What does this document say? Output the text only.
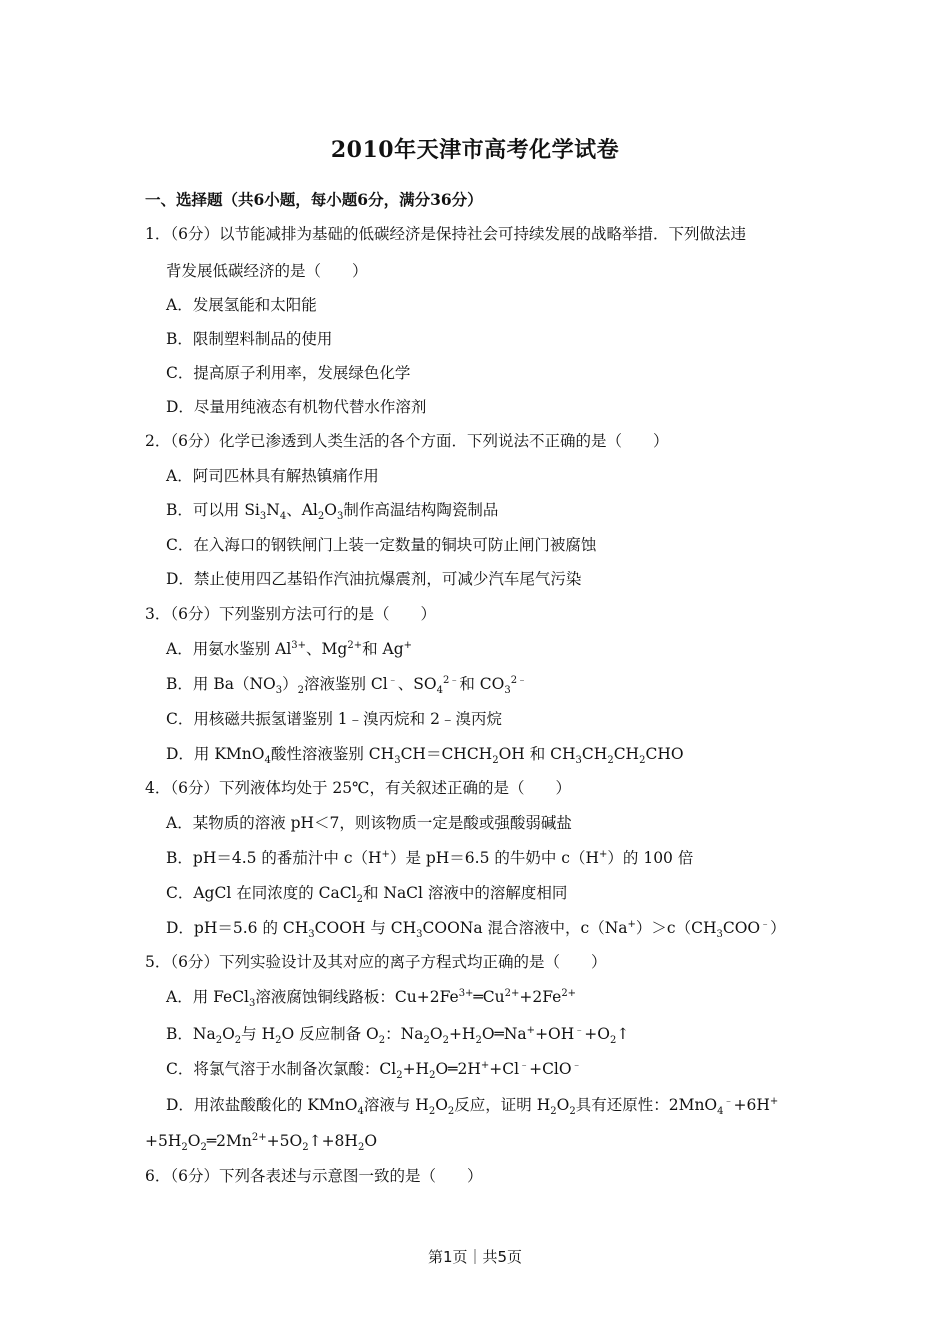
2010年天津市高考化学试卷
一、选择题（共6小题，每小题6分，满分36分）
1．（6分）以节能减排为基础的低碳经济是保持社会可持续发展的战略举措．下列做法违
背发展低碳经济的是（　　）
A．发展氢能和太阳能
B．限制塑料制品的使用
C．提高原子利用率，发展绿色化学
D．尽量用纯液态有机物代替水作溶剂
2．（6分）化学已渗透到人类生活的各个方面．下列说法不正确的是（　　）
A．阿司匹林具有解热镇痛作用
B．可以用 $Si_3N_4$、$Al_2O_3$制作高温结构陶瓷制品
C．在入海口的钢铁闸门上装一定数量的铜块可防止闸门被腐蚀
D．禁止使用四乙基铅作汽油抗爆震剂，可减少汽车尾气污染
3．（6分）下列鉴别方法可行的是（　　）
A．用氨水鉴别 $Al^{3+}$、$Mg^{2+}$和 Ag+
B．用 $Ba(NO_3)_2$溶液鉴别 Cl﹣、$SO_4^{2﹣}$和 $CO_3^{2﹣}$
C．用核磁共振氢谱鉴别 1﹣溴丙烷和 2﹣溴丙烷
D．用 KMnO$_4$酸性溶液鉴别 $CH_3CH=CHCH_2OH$ 和 $CH_3CH_2CH_2CHO$
4．（6分）下列液体均处于 25℃，有关叙述正确的是（　　）
A．某物质的溶液 pH＜7，则该物质一定是酸或强酸弱碱盐
B．pH＝4.5 的番茄汁中 c（H+）是 pH＝6.5 的牛奶中 c（H+）的 100 倍
C．AgCl 在同浓度的 CaCl$_2$和 NaCl 溶液中的溶解度相同
D．pH＝5.6 的 $CH_3COOH$ 与 $CH_3COONa$ 混合溶液中，$c(Na^+)>c(CH_3COO^﹣)$
5．（6分）下列实验设计及其对应的离子方程式均正确的是（　　）
A．用 FeCl$_3$溶液腐蚀铜线路板：$Cu+2Fe^{3+}═Cu^{2+}+2Fe^{2+}$
B．$Na_2O_2$与 $H_2O$ 反应制备 $O_2$：$Na_2O_2+H_2O═Na^++OH^﹣+O_2↑$
C．将氯气溶于水制备次氯酸：$Cl_2+H_2O═2H^++Cl^﹣+ClO^﹣$
D．用浓盐酸酸化的 KMnO$_4$溶液与 $H_2O_2$反应，证明 $H_2O_2$具有还原性：2MnO$_4$﹣+6H+
$+5H_2O_2═2Mn^{2+}+5O_2↑+8H_2O$
6．（6分）下列各表述与示意图一致的是（　　）
第1页｜共5页
